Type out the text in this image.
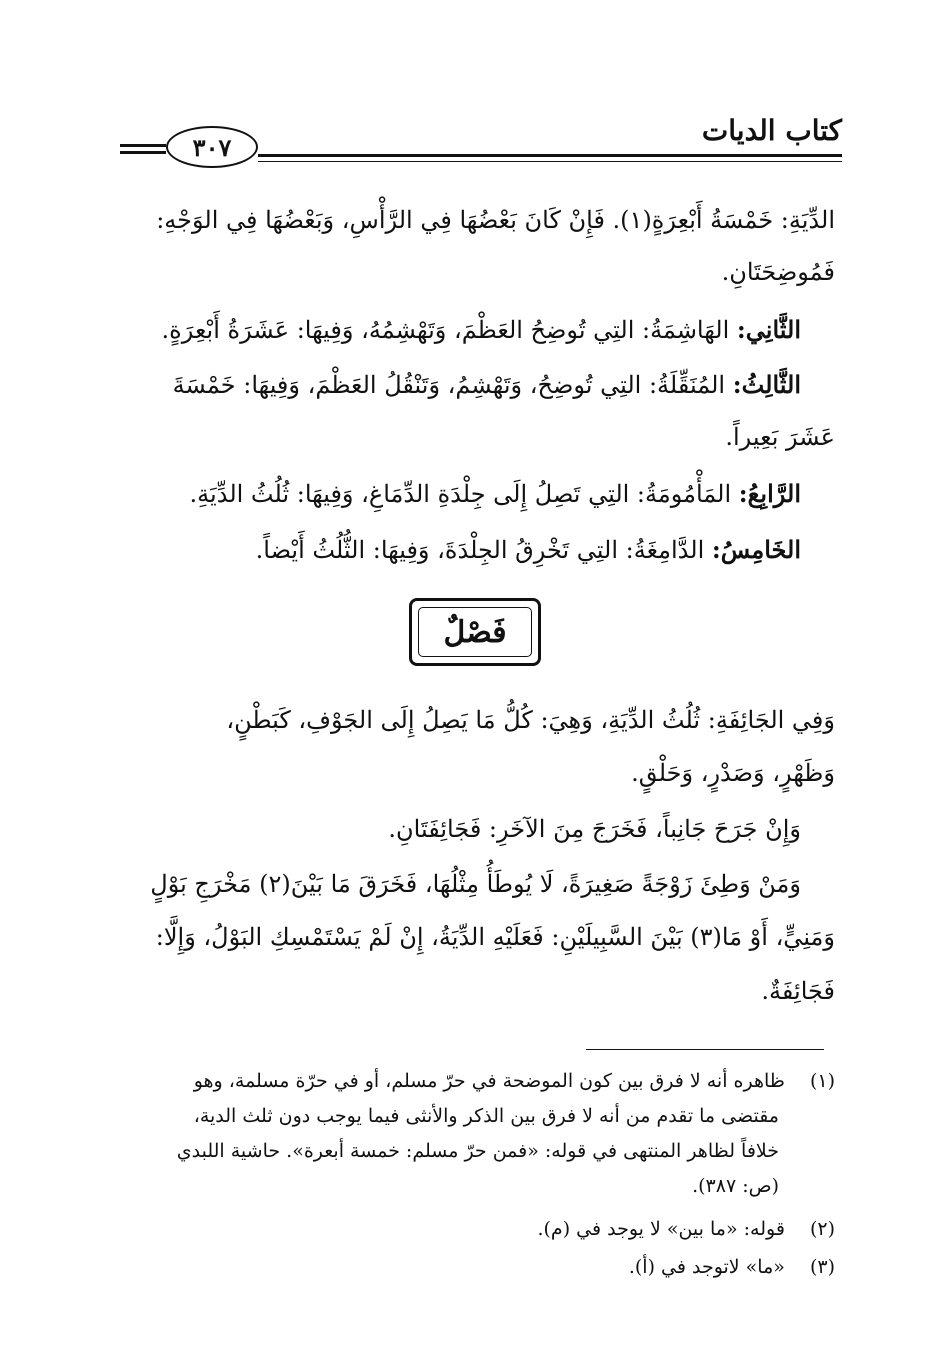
كتاب الديات
٣٠٧
الدِّيَةِ: خَمْسَةُ أَبْعِرَةٍ(١). فَإِنْ كَانَ بَعْضُهَا فِي الرَّأْسِ، وَبَعْضُهَا فِي الوَجْهِ:
فَمُوضِحَتَانِ.
الثَّانِي: الهَاشِمَةُ: التِي تُوضِحُ العَظْمَ، وَتَهْشِمُهُ، وَفِيهَا: عَشَرَةُ أَبْعِرَةٍ.
الثَّالِثُ: المُنَقِّلَةُ: التِي تُوضِحُ، وَتَهْشِمُ، وَتَنْقُلُ العَظْمَ، وَفِيهَا: خَمْسَةَ
عَشَرَ بَعِيراً.
الرَّابِعُ: المَأْمُومَةُ: التِي تَصِلُ إِلَى جِلْدَةِ الدِّمَاغِ، وَفِيهَا: ثُلُثُ الدِّيَةِ.
الخَامِسُ: الدَّامِغَةُ: التِي تَخْرِقُ الجِلْدَةَ، وَفِيهَا: الثُّلُثُ أَيْضاً.
فَصْلٌ
وَفِي الجَائِفَةِ: ثُلُثُ الدِّيَةِ، وَهِيَ: كُلُّ مَا يَصِلُ إِلَى الجَوْفِ، كَبَطْنٍ،
وَظَهْرٍ، وَصَدْرٍ، وَحَلْقٍ.
وَإِنْ جَرَحَ جَانِباً، فَخَرَجَ مِنَ الآخَرِ: فَجَائِفَتَانِ.
وَمَنْ وَطِئَ زَوْجَةً صَغِيرَةً، لَا يُوطَأُ مِثْلُهَا، فَخَرَقَ مَا بَيْنَ(٢) مَخْرَجِ بَوْلٍ
وَمَنِيٍّ، أَوْ مَا(٣) بَيْنَ السَّبِيلَيْنِ: فَعَلَيْهِ الدِّيَةُ، إِنْ لَمْ يَسْتَمْسِكِ البَوْلُ، وَإِلَّا:
فَجَائِفَةٌ.
(١)  ظاهره أنه لا فرق بين كون الموضحة في حرّ مسلم، أو في حرّة مسلمة، وهو
مقتضى ما تقدم من أنه لا فرق بين الذكر والأنثى فيما يوجب دون ثلث الدية،
خلافاً لظاهر المنتهى في قوله: «فمن حرّ مسلم: خمسة أبعرة». حاشية اللبدي
(ص: ٣٨٧).
(٢)  قوله: «ما بين» لا يوجد في (م).
(٣)  «ما» لاتوجد في (أ).
